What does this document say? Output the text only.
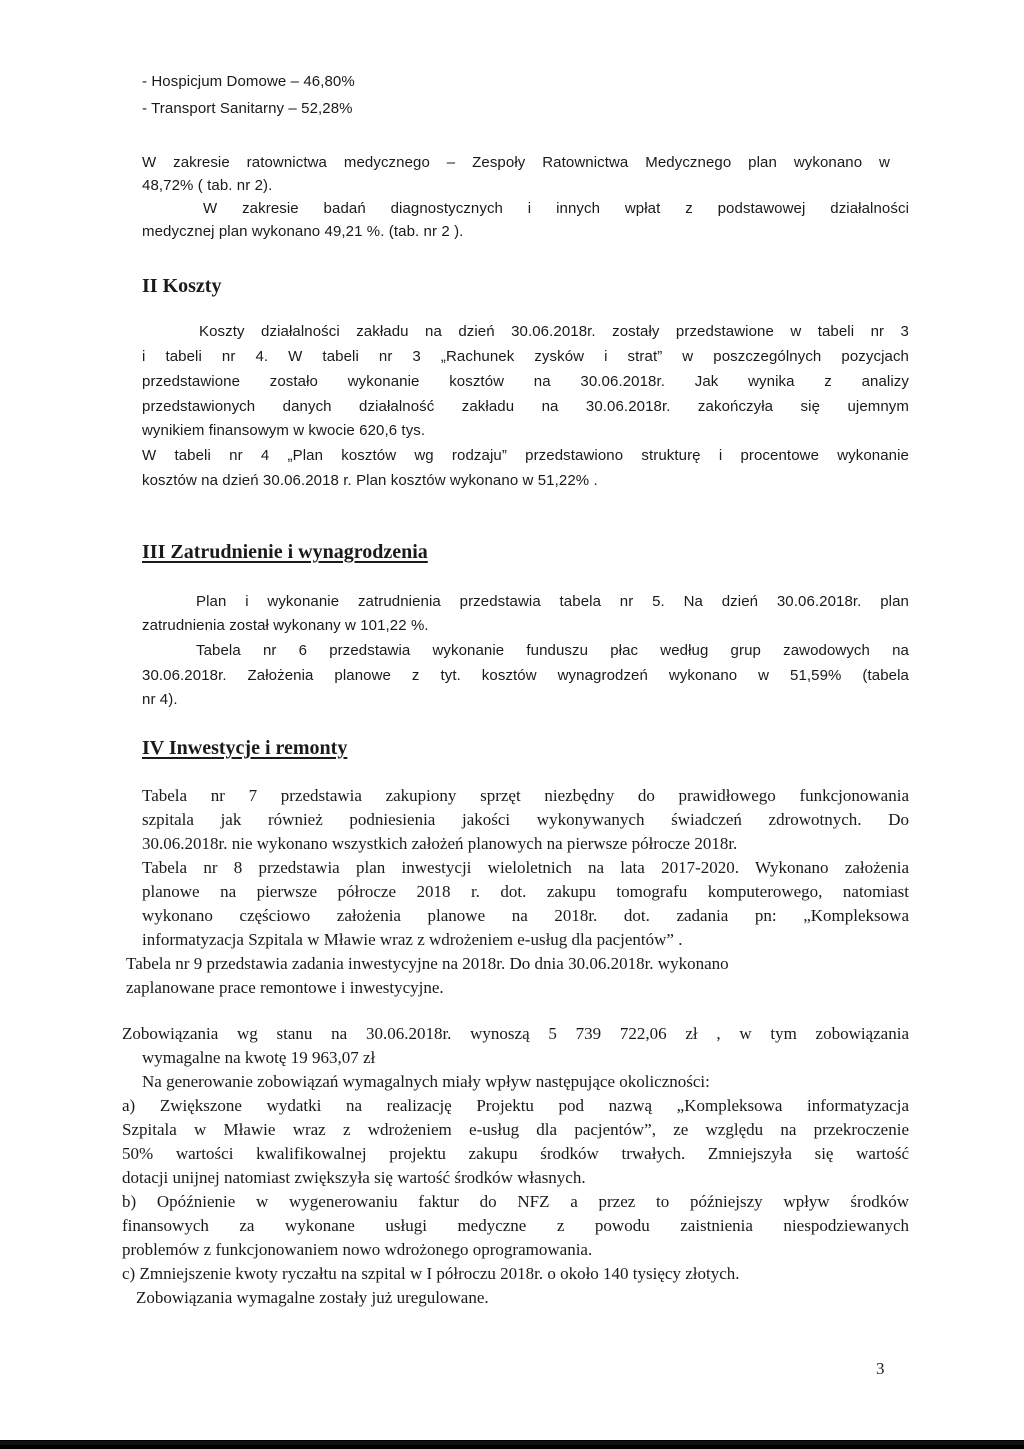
- Hospicjum Domowe – 46,80%
- Transport Sanitarny – 52,28%
W zakresie ratownictwa medycznego – Zespoły Ratownictwa Medycznego plan wykonano w
48,72% ( tab. nr 2).
W zakresie badań diagnostycznych i innych wpłat z podstawowej działalności
medycznej plan wykonano 49,21 %. (tab. nr 2 ).
II Koszty
Koszty działalności zakładu na dzień 30.06.2018r. zostały przedstawione w tabeli nr 3
i tabeli nr 4. W tabeli nr 3 „Rachunek zysków i strat” w poszczególnych pozycjach
przedstawione zostało wykonanie kosztów na 30.06.2018r. Jak wynika z analizy
przedstawionych danych działalność zakładu na 30.06.2018r. zakończyła się ujemnym
wynikiem finansowym w kwocie 620,6 tys.
W tabeli nr 4 „Plan kosztów wg rodzaju” przedstawiono strukturę i procentowe wykonanie
kosztów na dzień 30.06.2018 r. Plan kosztów wykonano w 51,22% .
III Zatrudnienie i wynagrodzenia
Plan i wykonanie zatrudnienia przedstawia tabela nr 5. Na dzień 30.06.2018r. plan
zatrudnienia został wykonany w 101,22 %.
Tabela nr 6 przedstawia wykonanie funduszu płac według grup zawodowych na
30.06.2018r. Założenia planowe z tyt. kosztów wynagrodzeń wykonano w 51,59% (tabela
nr 4).
IV Inwestycje i remonty
Tabela nr 7 przedstawia zakupiony sprzęt niezbędny do prawidłowego funkcjonowania
szpitala jak również podniesienia jakości wykonywanych świadczeń zdrowotnych. Do
30.06.2018r. nie wykonano wszystkich założeń planowych na pierwsze półrocze 2018r.
Tabela nr 8 przedstawia plan inwestycji wieloletnich na lata 2017-2020. Wykonano założenia
planowe na pierwsze półrocze 2018 r. dot. zakupu tomografu komputerowego, natomiast
wykonano częściowo założenia planowe na 2018r. dot. zadania pn: „Kompleksowa
informatyzacja Szpitala w Mławie wraz z wdrożeniem e-usług dla pacjentów” .
Tabela nr 9 przedstawia zadania inwestycyjne na 2018r. Do dnia 30.06.2018r. wykonano
zaplanowane prace remontowe i inwestycyjne.
Zobowiązania wg stanu na 30.06.2018r. wynoszą 5 739 722,06 zł , w tym zobowiązania
wymagalne na kwotę 19 963,07 zł
Na generowanie zobowiązań wymagalnych miały wpływ następujące okoliczności:
a) Zwiększone wydatki na realizację Projektu pod nazwą „Kompleksowa informatyzacja
Szpitala w Mławie wraz z wdrożeniem e-usług dla pacjentów”, ze względu na przekroczenie
50% wartości kwalifikowalnej projektu zakupu środków trwałych. Zmniejszyła się wartość
dotacji unijnej natomiast zwiększyła się wartość środków własnych.
b) Opóźnienie w wygenerowaniu faktur do NFZ a przez to późniejszy wpływ środków
finansowych za wykonane usługi medyczne z powodu zaistnienia niespodziewanych
problemów z funkcjonowaniem nowo wdrożonego oprogramowania.
c) Zmniejszenie kwoty ryczałtu na szpital w I półroczu 2018r. o około 140 tysięcy złotych.
Zobowiązania wymagalne zostały już uregulowane.
3
